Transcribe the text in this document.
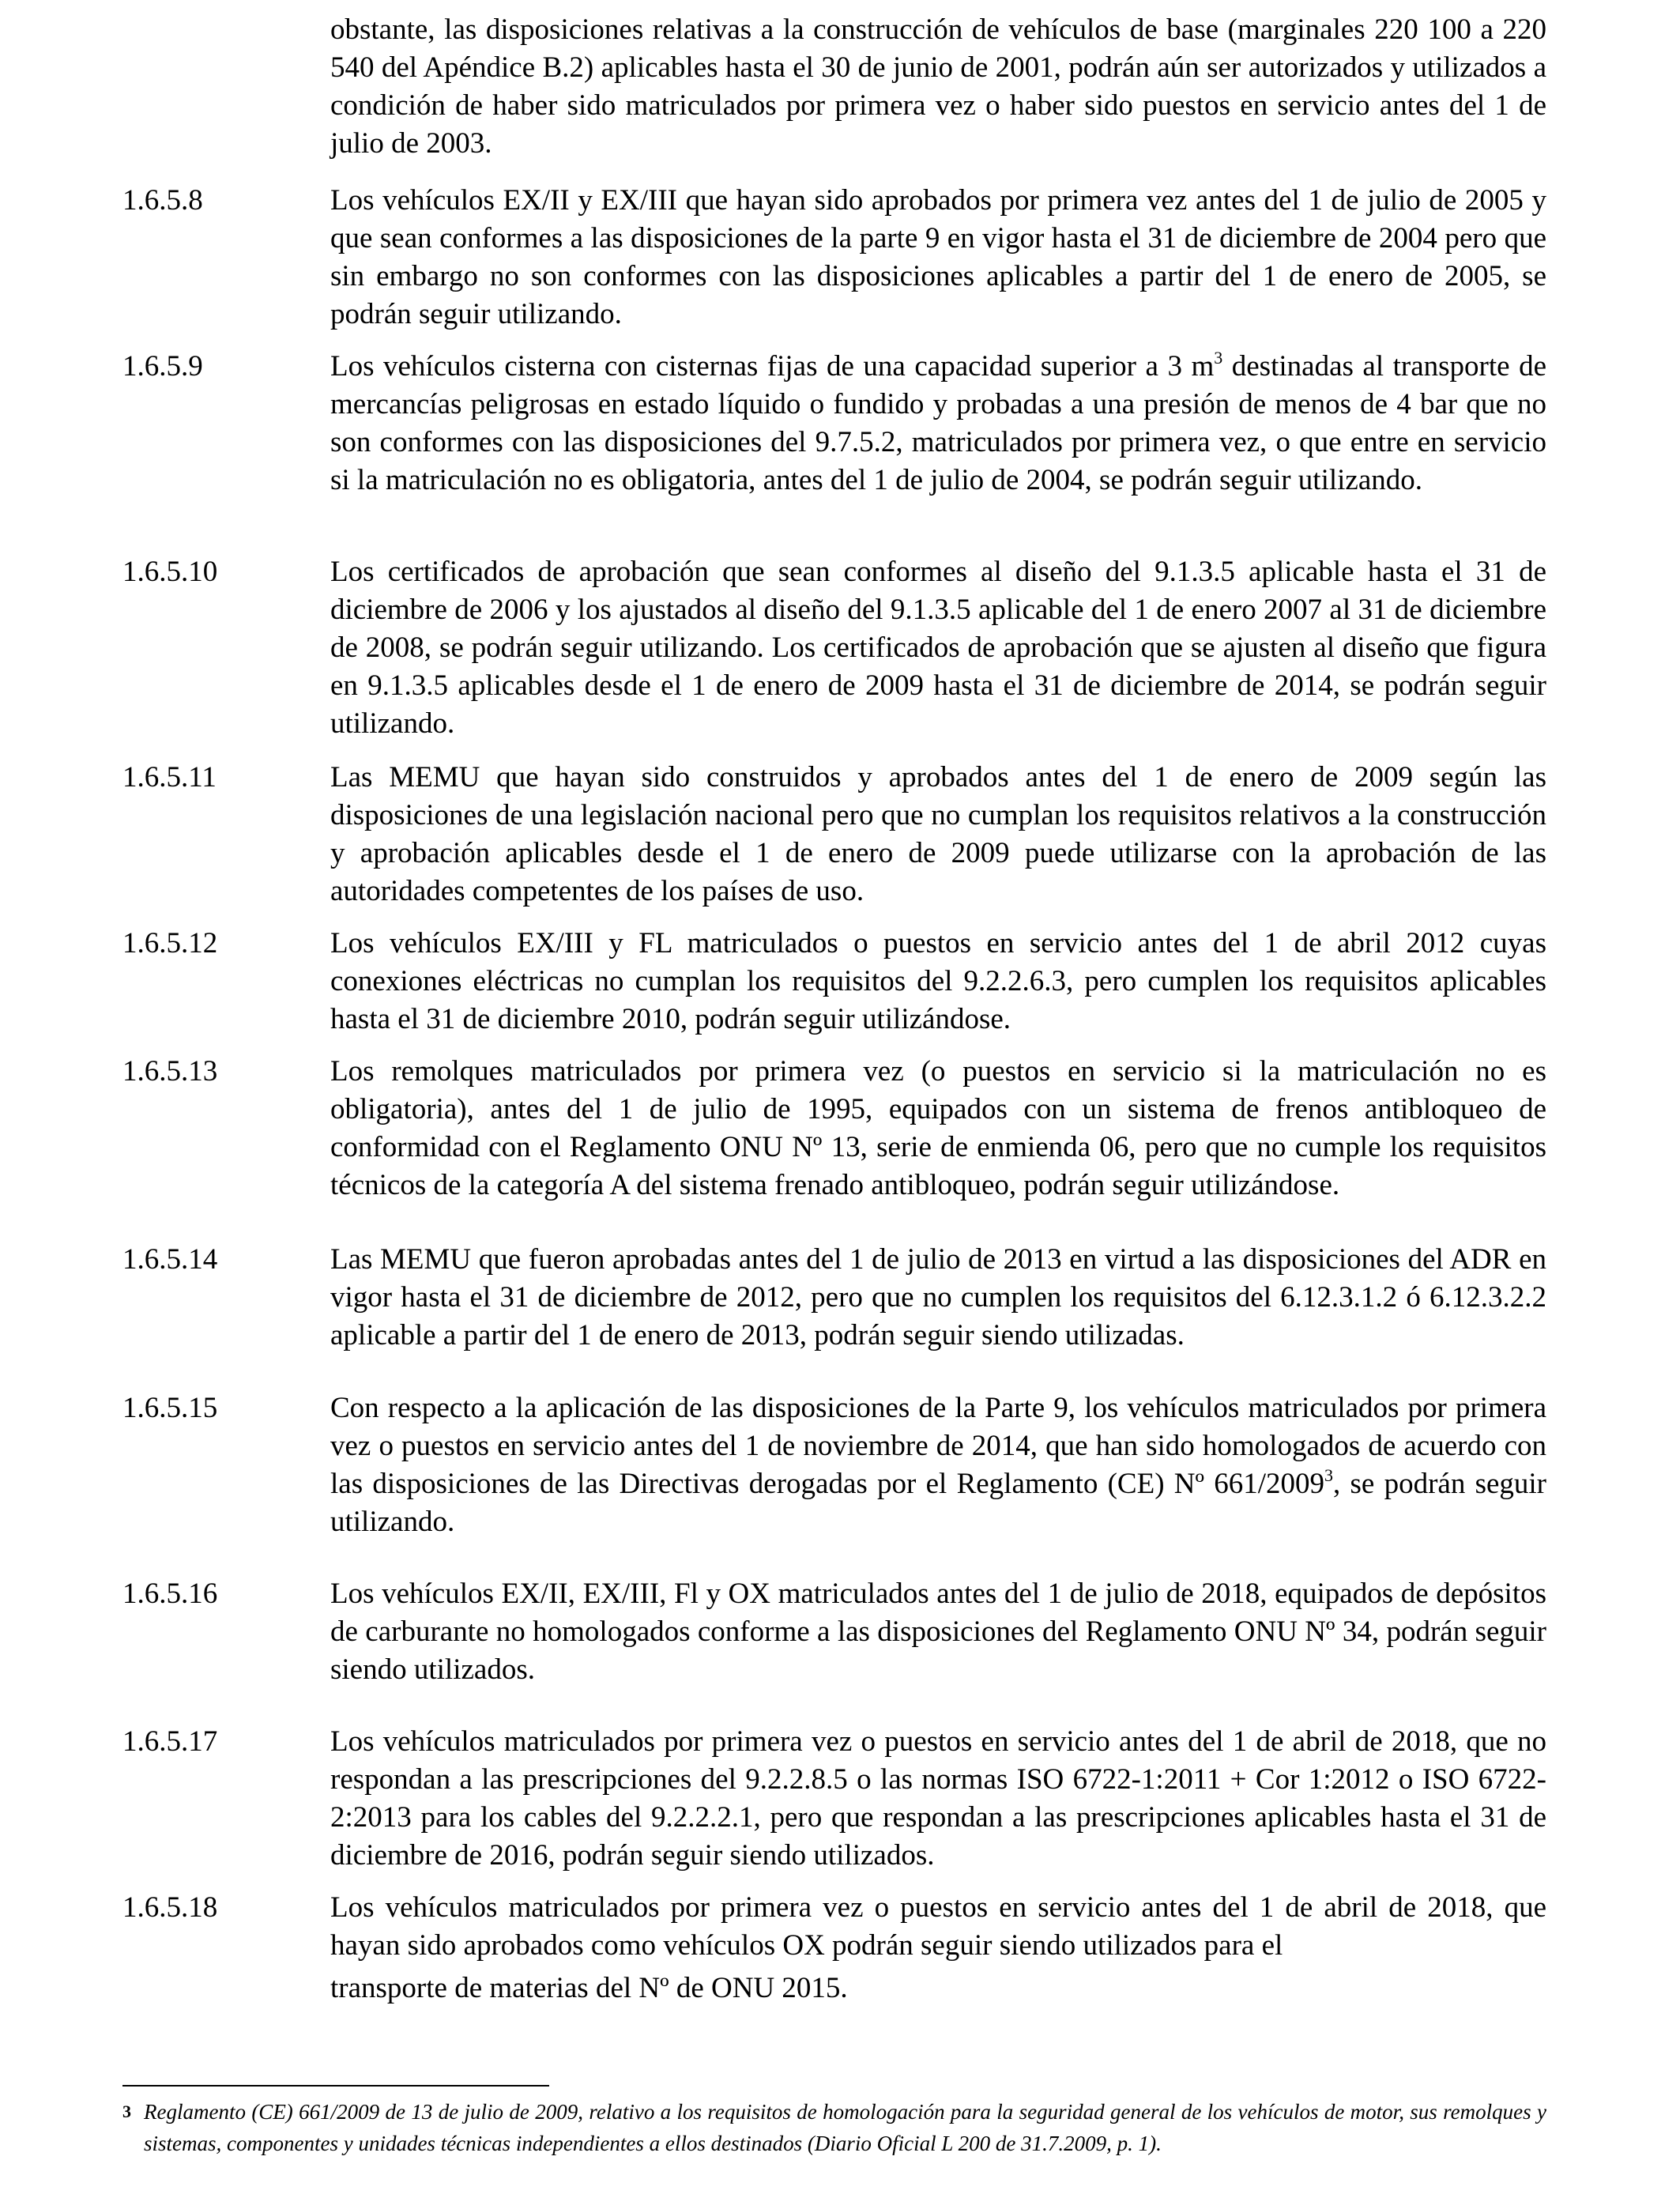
obstante, las disposiciones relativas a la construcción de vehículos de base (marginales 220 100 a 220 540 del Apéndice B.2) aplicables hasta el 30 de junio de 2001, podrán aún ser autorizados y utilizados a condición de haber sido matriculados por primera vez o haber sido puestos en servicio antes del 1 de julio de 2003.
1.6.5.8	Los vehículos EX/II y EX/III que hayan sido aprobados por primera vez antes del 1 de julio de 2005 y que sean conformes a las disposiciones de la parte 9 en vigor hasta el 31 de diciembre de 2004 pero que sin embargo no son conformes con las disposiciones aplicables a partir del 1 de enero de 2005, se podrán seguir utilizando.
1.6.5.9	Los vehículos cisterna con cisternas fijas de una capacidad superior a 3 $m^3$ destinadas al transporte de mercancías peligrosas en estado líquido o fundido y probadas a una presión de menos de 4 bar que no son conformes con las disposiciones del 9.7.5.2, matriculados por primera vez, o que entre en servicio si la matriculación no es obligatoria, antes del 1 de julio de 2004, se podrán seguir utilizando.
1.6.5.10	Los certificados de aprobación que sean conformes al diseño del 9.1.3.5 aplicable hasta el 31 de diciembre de 2006 y los ajustados al diseño del 9.1.3.5 aplicable del 1 de enero 2007 al 31 de diciembre de 2008, se podrán seguir utilizando. Los certificados de aprobación que se ajusten al diseño que figura en 9.1.3.5 aplicables desde el 1 de enero de 2009 hasta el 31 de diciembre de 2014, se podrán seguir utilizando.
1.6.5.11	Las MEMU que hayan sido construidos y aprobados antes del 1 de enero de 2009 según las disposiciones de una legislación nacional pero que no cumplan los requisitos relativos a la construcción y aprobación aplicables desde el 1 de enero de 2009 puede utilizarse con la aprobación de las autoridades competentes de los países de uso.
1.6.5.12	Los vehículos EX/III y FL matriculados o puestos en servicio antes del 1 de abril 2012 cuyas conexiones eléctricas no cumplan los requisitos del 9.2.2.6.3, pero cumplen los requisitos aplicables hasta el 31 de diciembre 2010, podrán seguir utilizándose.
1.6.5.13	Los remolques matriculados por primera vez (o puestos en servicio si la matriculación no es obligatoria), antes del 1 de julio de 1995, equipados con un sistema de frenos antibloqueo de conformidad con el Reglamento ONU Nº 13, serie de enmienda 06, pero que no cumple los requisitos técnicos de la categoría A del sistema frenado antibloqueo, podrán seguir utilizándose.
1.6.5.14	Las MEMU que fueron aprobadas antes del 1 de julio de 2013 en virtud a las disposiciones del ADR en vigor hasta el 31 de diciembre de 2012, pero que no cumplen los requisitos del 6.12.3.1.2 ó 6.12.3.2.2 aplicable a partir del 1 de enero de 2013, podrán seguir siendo utilizadas.
1.6.5.15	Con respecto a la aplicación de las disposiciones de la Parte 9, los vehículos matriculados por primera vez o puestos en servicio antes del 1 de noviembre de 2014, que han sido homologados de acuerdo con las disposiciones de las Directivas derogadas por el Reglamento (CE) Nº 661/2009$^3$, se podrán seguir utilizando.
1.6.5.16	Los vehículos EX/II, EX/III, Fl y OX matriculados antes del 1 de julio de 2018, equipados de depósitos de carburante no homologados conforme a las disposiciones del Reglamento ONU Nº 34, podrán seguir siendo utilizados.
1.6.5.17	Los vehículos matriculados por primera vez o puestos en servicio antes del 1 de abril de 2018, que no respondan a las prescripciones del 9.2.2.8.5 o las normas ISO 6722-1:2011 + Cor 1:2012 o ISO 6722-2:2013 para los cables del 9.2.2.2.1, pero que respondan a las prescripciones aplicables hasta el 31 de diciembre de 2016, podrán seguir siendo utilizados.
1.6.5.18	Los vehículos matriculados por primera vez o puestos en servicio antes del 1 de abril de 2018, que hayan sido aprobados como vehículos OX podrán seguir siendo utilizados para el
transporte de materias del Nº de ONU 2015.
3 Reglamento (CE) 661/2009 de 13 de julio de 2009, relativo a los requisitos de homologación para la seguridad general de los vehículos de motor, sus remolques y sistemas, componentes y unidades técnicas independientes a ellos destinados (Diario Oficial L 200 de 31.7.2009, p. 1).
